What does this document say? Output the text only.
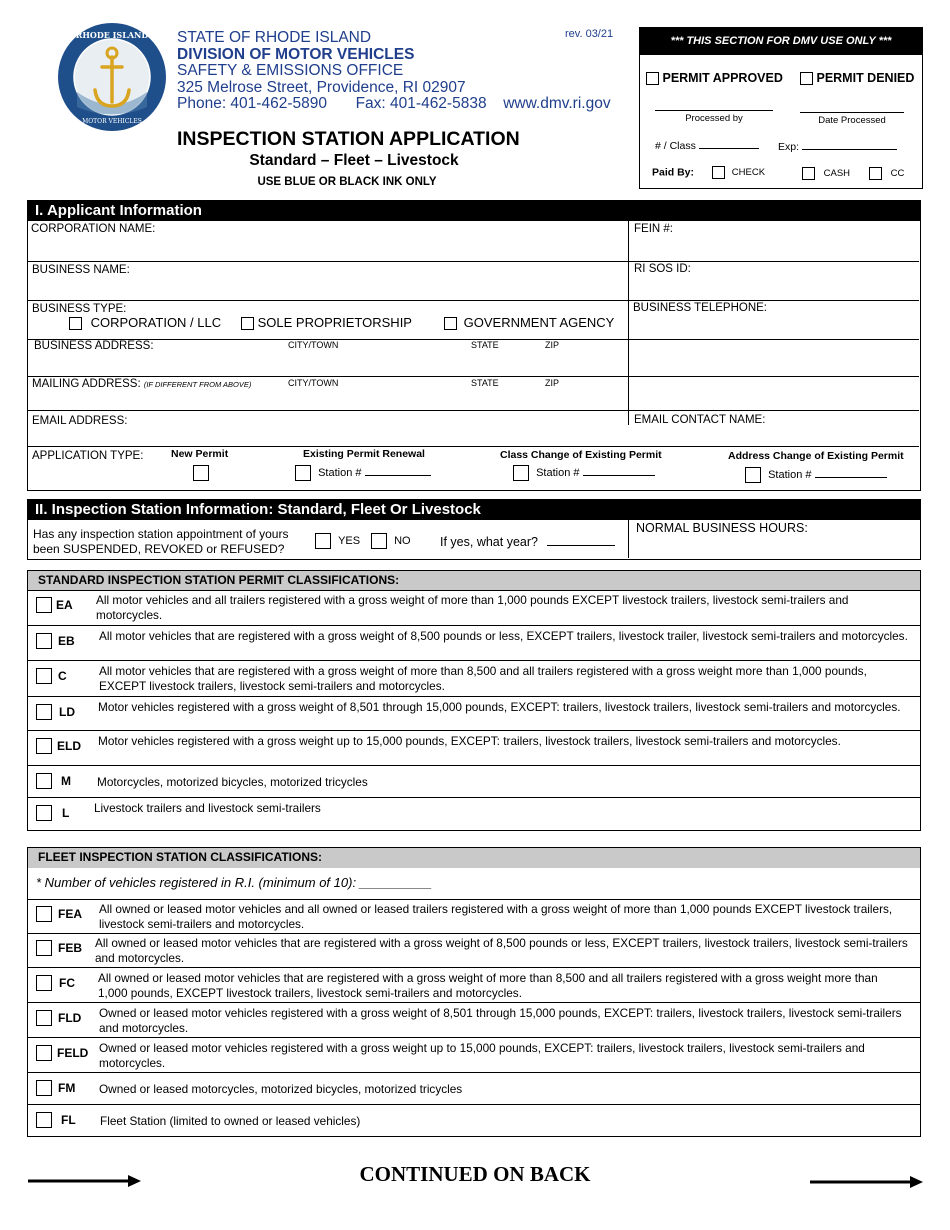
RHODE ISLAND
MOTOR VEHICLES
STATE OF RHODE ISLAND
DIVISION OF MOTOR VEHICLES
SAFETY & EMISSIONS OFFICE
325 Melrose Street, Providence, RI 02907
Phone: 401-462-5890 Fax: 401-462-5838 www.dmv.ri.gov
rev. 03/21
INSPECTION STATION APPLICATION
Standard – Fleet – Livestock
USE BLUE OR BLACK INK ONLY
*** THIS SECTION FOR DMV USE ONLY ***
PERMIT APPROVED	PERMIT DENIED
Processed by	Date Processed
# / Class	Exp:
Paid By:	CHECK	CASH	CC
I. Applicant Information
CORPORATION NAME:	FEIN #:
BUSINESS NAME:	RI SOS ID:
BUSINESS TYPE:
CORPORATION / LLC	SOLE PROPRIETORSHIP	GOVERNMENT AGENCY
BUSINESS TELEPHONE:
BUSINESS ADDRESS:	CITY/TOWN	STATE	ZIP
MAILING ADDRESS: (IF DIFFERENT FROM ABOVE)	CITY/TOWN	STATE	ZIP
EMAIL ADDRESS:	EMAIL CONTACT NAME:
APPLICATION TYPE:	New Permit	Existing Permit Renewal
Station #
Class Change of Existing Permit
Station #
Address Change of Existing Permit
Station #
II. Inspection Station Information: Standard, Fleet Or Livestock
Has any inspection station appointment of yours
been SUSPENDED, REVOKED or REFUSED?
YES	NO If yes, what year?
NORMAL BUSINESS HOURS:
STANDARD INSPECTION STATION PERMIT CLASSIFICATIONS:
EA All motor vehicles and all trailers registered with a gross weight of more than 1,000 pounds EXCEPT livestock trailers, livestock semi-trailers and motorcycles.
EB All motor vehicles that are registered with a gross weight of 8,500 pounds or less, EXCEPT trailers, livestock trailer, livestock semi-trailers and motorcycles.
C	All motor vehicles that are registered with a gross weight of more than 8,500 and all trailers registered with a gross weight more than 1,000 pounds, EXCEPT livestock trailers, livestock semi-trailers and motorcycles.
LD Motor vehicles registered with a gross weight of 8,501 through 15,000 pounds, EXCEPT: trailers, livestock trailers, livestock semi-trailers and motorcycles.
ELD Motor vehicles registered with a gross weight up to 15,000 pounds, EXCEPT: trailers, livestock trailers, livestock semi-trailers and motorcycles.
M Motorcycles, motorized bicycles, motorized tricycles
L Livestock trailers and livestock semi-trailers
FLEET INSPECTION STATION CLASSIFICATIONS:
* Number of vehicles registered in R.I. (minimum of 10): __________
FEA All owned or leased motor vehicles and all owned or leased trailers registered with a gross weight of more than 1,000 pounds EXCEPT livestock trailers, livestock semi-trailers and motorcycles.
FEB All owned or leased motor vehicles that are registered with a gross weight of 8,500 pounds or less, EXCEPT trailers, livestock trailers, livestock semi-trailers and motorcycles.
FC All owned or leased motor vehicles that are registered with a gross weight of more than 8,500 and all trailers registered with a gross weight more than 1,000 pounds, EXCEPT livestock trailers, livestock semi-trailers and motorcycles.
FLD Owned or leased motor vehicles registered with a gross weight of 8,501 through 15,000 pounds, EXCEPT: trailers, livestock trailers, livestock semi-trailers and motorcycles.
FELD Owned or leased motor vehicles registered with a gross weight up to 15,000 pounds, EXCEPT: trailers, livestock trailers, livestock semi-trailers and motorcycles.
FM Owned or leased motorcycles, motorized bicycles, motorized tricycles
FL Fleet Station (limited to owned or leased vehicles)
CONTINUED ON BACK
